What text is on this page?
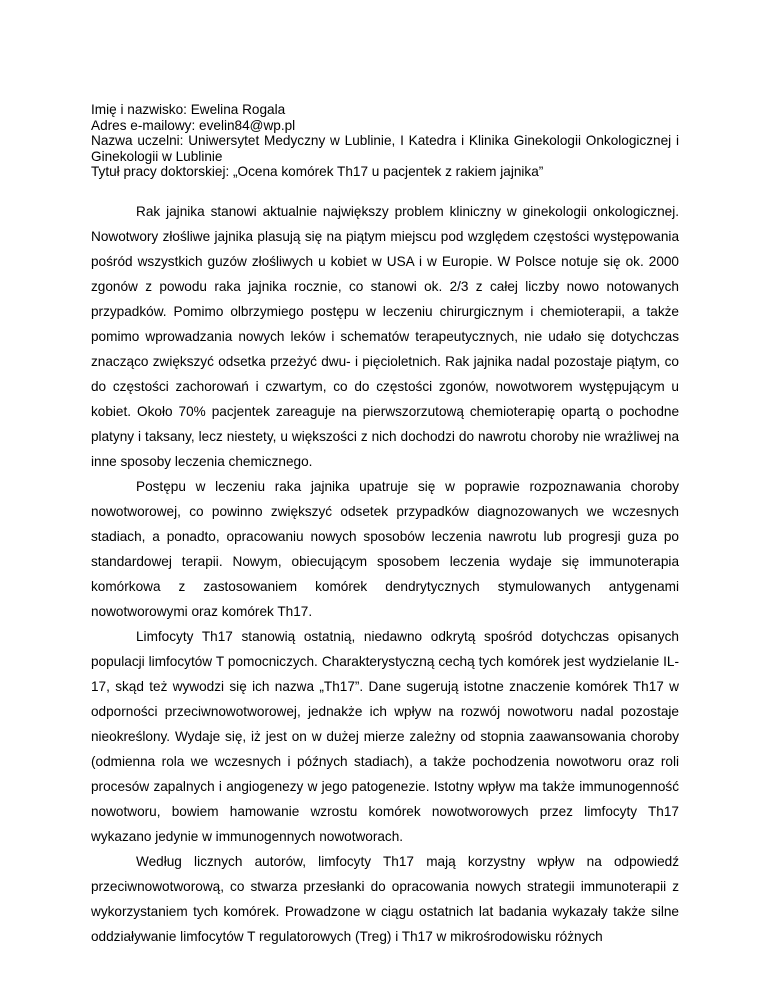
Imię i nazwisko: Ewelina Rogala

Adres e-mailowy: evelin84@wp.pl

Nazwa uczelni: Uniwersytet Medyczny w Lublinie, I Katedra i Klinika Ginekologii Onkologicznej i Ginekologii w Lublinie

Tytuł pracy doktorskiej: „Ocena komórek Th17 u pacjentek z rakiem jajnika”

Rak jajnika stanowi aktualnie największy problem kliniczny w ginekologii onkologicznej. Nowotwory złośliwe jajnika plasują się na piątym miejscu pod względem częstości występowania pośród wszystkich guzów złośliwych u kobiet w USA i w Europie. W Polsce notuje się ok. 2000 zgonów z powodu raka jajnika rocznie, co stanowi ok. 2/3 z całej liczby nowo notowanych przypadków. Pomimo olbrzymiego postępu w leczeniu chirurgicznym i chemioterapii, a także pomimo wprowadzania nowych leków i schematów terapeutycznych, nie udało się dotychczas znacząco zwiększyć odsetka przeżyć dwu- i pięcioletnich. Rak jajnika nadal pozostaje piątym, co do częstości zachorowań i czwartym, co do częstości zgonów, nowotworem występującym u kobiet. Około 70% pacjentek zareaguje na pierwszorzutową chemioterapię opartą o pochodne platyny i taksany, lecz niestety, u większości z nich dochodzi do nawrotu choroby nie wrażliwej na inne sposoby leczenia chemicznego.

Postępu w leczeniu raka jajnika upatruje się w poprawie rozpoznawania choroby nowotworowej, co powinno zwiększyć odsetek przypadków diagnozowanych we wczesnych stadiach, a ponadto, opracowaniu nowych sposobów leczenia nawrotu lub progresji guza po standardowej terapii. Nowym, obiecującym sposobem leczenia wydaje się immunoterapia komórkowa z zastosowaniem komórek dendrytycznych stymulowanych antygenami nowotworowymi oraz komórek Th17.

Limfocyty Th17 stanowią ostatnią, niedawno odkrytą spośród dotychczas opisanych populacji limfocytów T pomocniczych. Charakterystyczną cechą tych komórek jest wydzielanie IL-17, skąd też wywodzi się ich nazwa „Th17”. Dane sugerują istotne znaczenie komórek Th17 w odporności przeciwnowotworowej, jednakże ich wpływ na rozwój nowotworu nadal pozostaje nieokreślony. Wydaje się, iż jest on w dużej mierze zależny od stopnia zaawansowania choroby (odmienna rola we wczesnych i późnych stadiach), a także pochodzenia nowotworu oraz roli procesów zapalnych i angiogenezy w jego patogenezie. Istotny wpływ ma także immunogenność nowotworu, bowiem hamowanie wzrostu komórek nowotworowych przez limfocyty Th17 wykazano jedynie w immunogennych nowotworach.

Według licznych autorów, limfocyty Th17 mają korzystny wpływ na odpowiedź przeciwnowotworową, co stwarza przesłanki do opracowania nowych strategii immunoterapii z wykorzystaniem tych komórek. Prowadzone w ciągu ostatnich lat badania wykazały także silne oddziaływanie limfocytów T regulatorowych (Treg) i Th17 w mikrośrodowisku różnych
